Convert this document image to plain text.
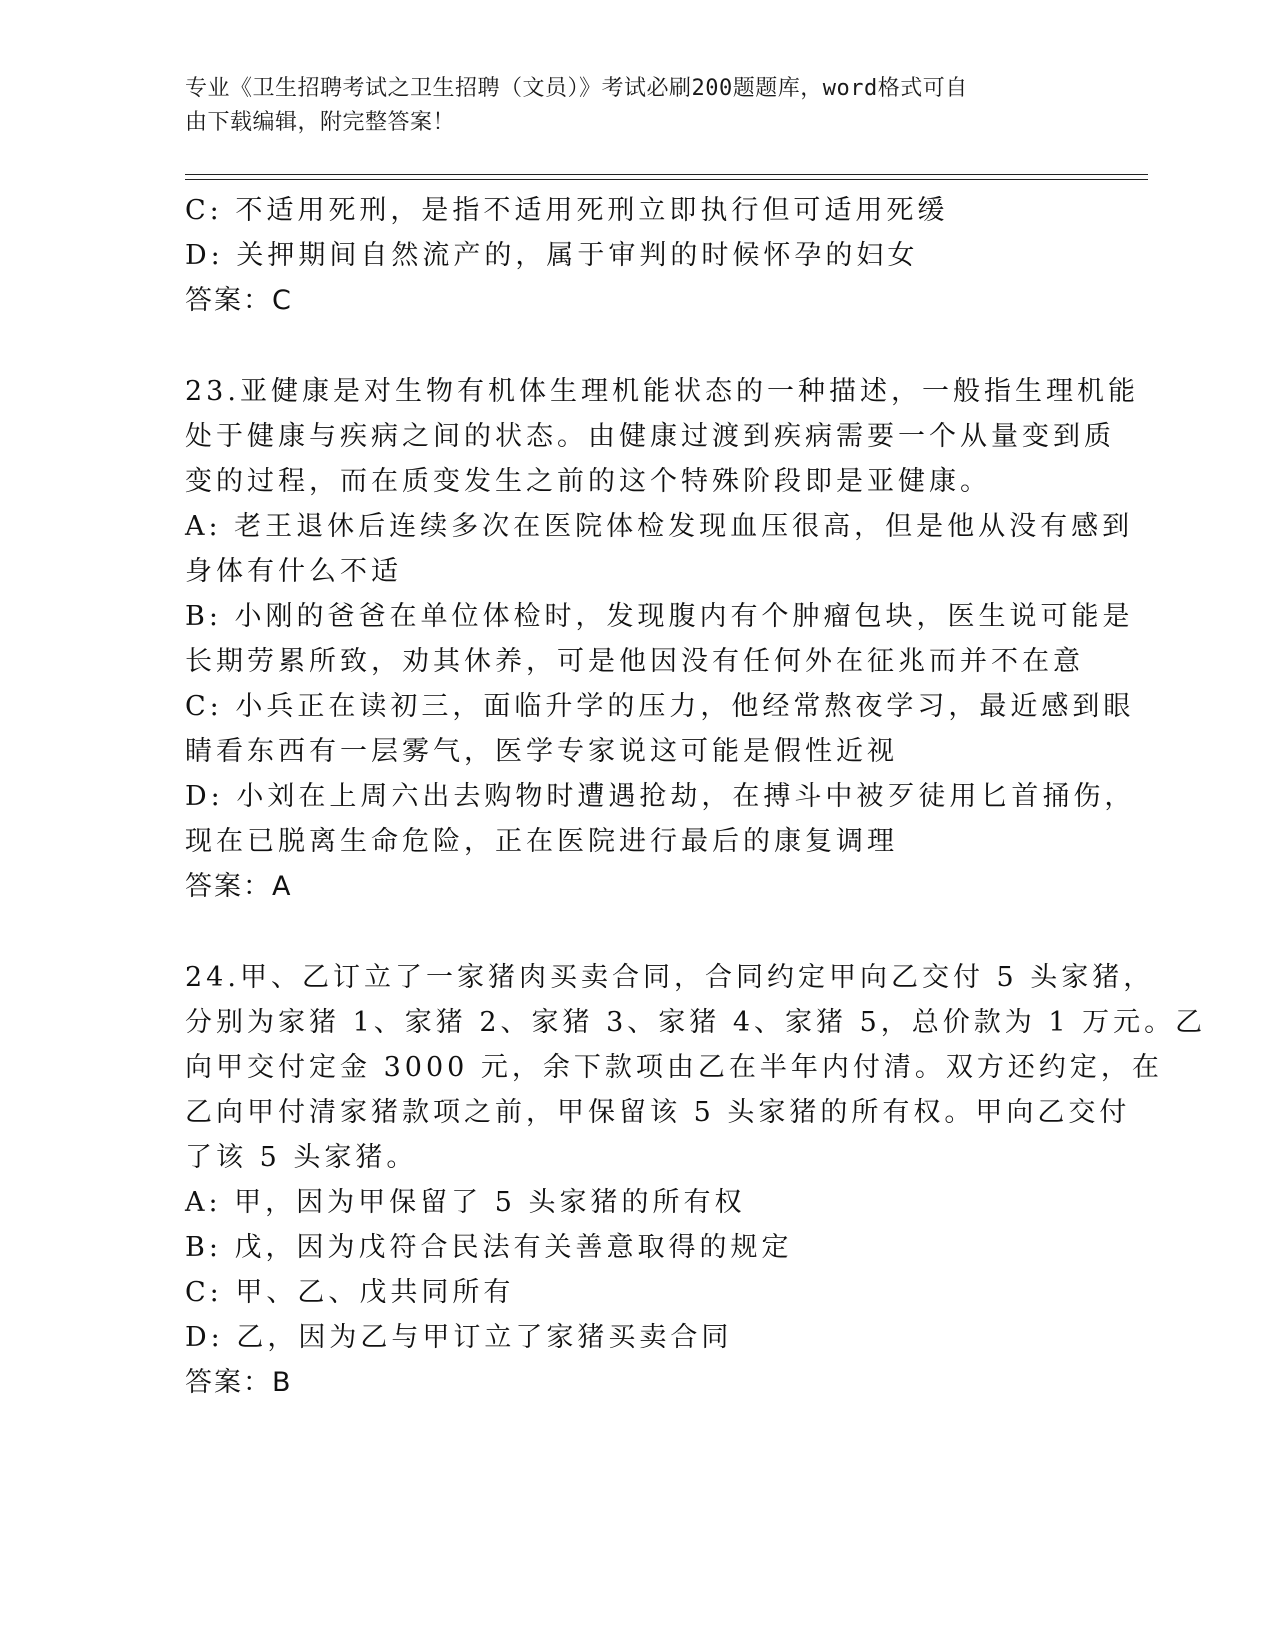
专业《卫生招聘考试之卫生招聘（文员）》考试必刷200题题库，word格式可自
由下载编辑，附完整答案！
C: 不适用死刑，是指不适用死刑立即执行但可适用死缓
D: 关押期间自然流产的，属于审判的时候怀孕的妇女
答案：C
23.亚健康是对生物有机体生理机能状态的一种描述，一般指生理机能
处于健康与疾病之间的状态。由健康过渡到疾病需要一个从量变到质
变的过程，而在质变发生之前的这个特殊阶段即是亚健康。
A: 老王退休后连续多次在医院体检发现血压很高，但是他从没有感到
身体有什么不适
B: 小刚的爸爸在单位体检时，发现腹内有个肿瘤包块，医生说可能是
长期劳累所致，劝其休养，可是他因没有任何外在征兆而并不在意
C: 小兵正在读初三，面临升学的压力，他经常熬夜学习，最近感到眼
睛看东西有一层雾气，医学专家说这可能是假性近视
D: 小刘在上周六出去购物时遭遇抢劫，在搏斗中被歹徒用匕首捅伤，
现在已脱离生命危险，正在医院进行最后的康复调理
答案：A
24.甲、乙订立了一家猪肉买卖合同，合同约定甲向乙交付 5 头家猪，
分别为家猪 1、家猪 2、家猪 3、家猪 4、家猪 5，总价款为 1 万元。乙
向甲交付定金 3000 元，余下款项由乙在半年内付清。双方还约定，在
乙向甲付清家猪款项之前，甲保留该 5 头家猪的所有权。甲向乙交付
了该 5 头家猪。
A: 甲，因为甲保留了 5 头家猪的所有权
B: 戊，因为戊符合民法有关善意取得的规定
C: 甲、乙、戊共同所有
D: 乙，因为乙与甲订立了家猪买卖合同
答案：B
